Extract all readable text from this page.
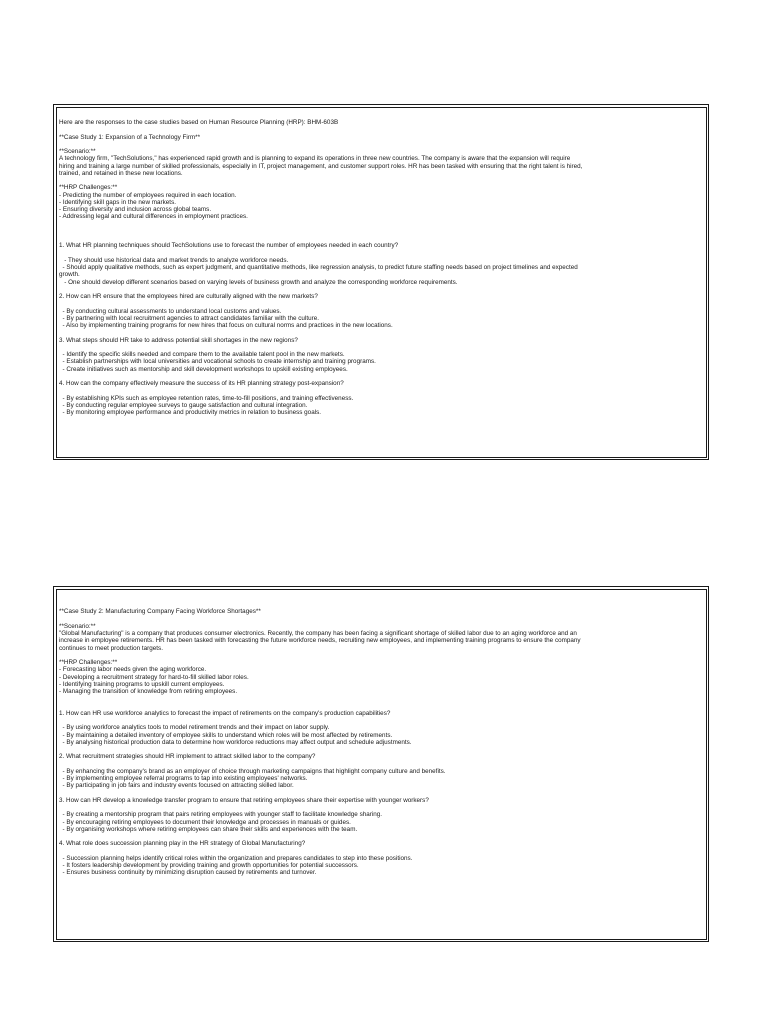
Here are the responses to the case studies based on Human Resource Planning (HRP): BHM-603B

**Case Study 1: Expansion of a Technology Firm**

**Scenario:**

A technology firm, "TechSolutions," has experienced rapid growth and is planning to expand its operations in three new countries. The company is aware that the expansion will require

hiring and training a large number of skilled professionals, especially in IT, project management, and customer support roles. HR has been tasked with ensuring that the right talent is hired,

trained, and retained in these new locations.

**HRP Challenges:**

- Predicting the number of employees required in each location.

- Identifying skill gaps in the new markets.

- Ensuring diversity and inclusion across global teams.

- Addressing legal and cultural differences in employment practices.

1. What HR planning techniques should TechSolutions use to forecast the number of employees needed in each country?

- They should use historical data and market trends to analyze workforce needs.

- Should apply qualitative methods, such as expert judgment, and quantitative methods, like regression analysis, to predict future staffing needs based on project timelines and expected

growth.

- One should develop different scenarios based on varying levels of business growth and analyze the corresponding workforce requirements.

2. How can HR ensure that the employees hired are culturally aligned with the new markets?

- By conducting cultural assessments to understand local customs and values.

- By partnering with local recruitment agencies to attract candidates familiar with the culture.

- Also by implementing training programs for new hires that focus on cultural norms and practices in the new locations.

3. What steps should HR take to address potential skill shortages in the new regions?

- Identify the specific skills needed and compare them to the available talent pool in the new markets.

- Establish partnerships with local universities and vocational schools to create internship and training programs.

- Create initiatives such as mentorship and skill development workshops to upskill existing employees.

4. How can the company effectively measure the success of its HR planning strategy post-expansion?

- By establishing KPIs such as employee retention rates, time-to-fill positions, and training effectiveness.

- By conducting regular employee surveys to gauge satisfaction and cultural integration.

- By monitoring employee performance and productivity metrics in relation to business goals.

**Case Study 2: Manufacturing Company Facing Workforce Shortages**

**Scenario:**

"Global Manufacturing" is a company that produces consumer electronics. Recently, the company has been facing a significant shortage of skilled labor due to an aging workforce and an

increase in employee retirements. HR has been tasked with forecasting the future workforce needs, recruiting new employees, and implementing training programs to ensure the company

continues to meet production targets.

**HRP Challenges:**

- Forecasting labor needs given the aging workforce.

- Developing a recruitment strategy for hard-to-fill skilled labor roles.

- Identifying training programs to upskill current employees.

- Managing the transition of knowledge from retiring employees.

1. How can HR use workforce analytics to forecast the impact of retirements on the company's production capabilities?

- By using workforce analytics tools to model retirement trends and their impact on labor supply.

- By maintaining a detailed inventory of employee skills to understand which roles will be most affected by retirements.

- By analysing historical production data to determine how workforce reductions may affect output and schedule adjustments.

2. What recruitment strategies should HR implement to attract skilled labor to the company?

- By enhancing the company's brand as an employer of choice through marketing campaigns that highlight company culture and benefits.

- By implementing employee referral programs to tap into existing employees' networks.

- By participating in job fairs and industry events focused on attracting skilled labor.

3. How can HR develop a knowledge transfer program to ensure that retiring employees share their expertise with younger workers?

- By creating a mentorship program that pairs retiring employees with younger staff to facilitate knowledge sharing.

- By encouraging retiring employees to document their knowledge and processes in manuals or guides.

- By organising workshops where retiring employees can share their skills and experiences with the team.

4. What role does succession planning play in the HR strategy of Global Manufacturing?

- Succession planning helps identify critical roles within the organization and prepares candidates to step into these positions.

- It fosters leadership development by providing training and growth opportunities for potential successors.

- Ensures business continuity by minimizing disruption caused by retirements and turnover.
